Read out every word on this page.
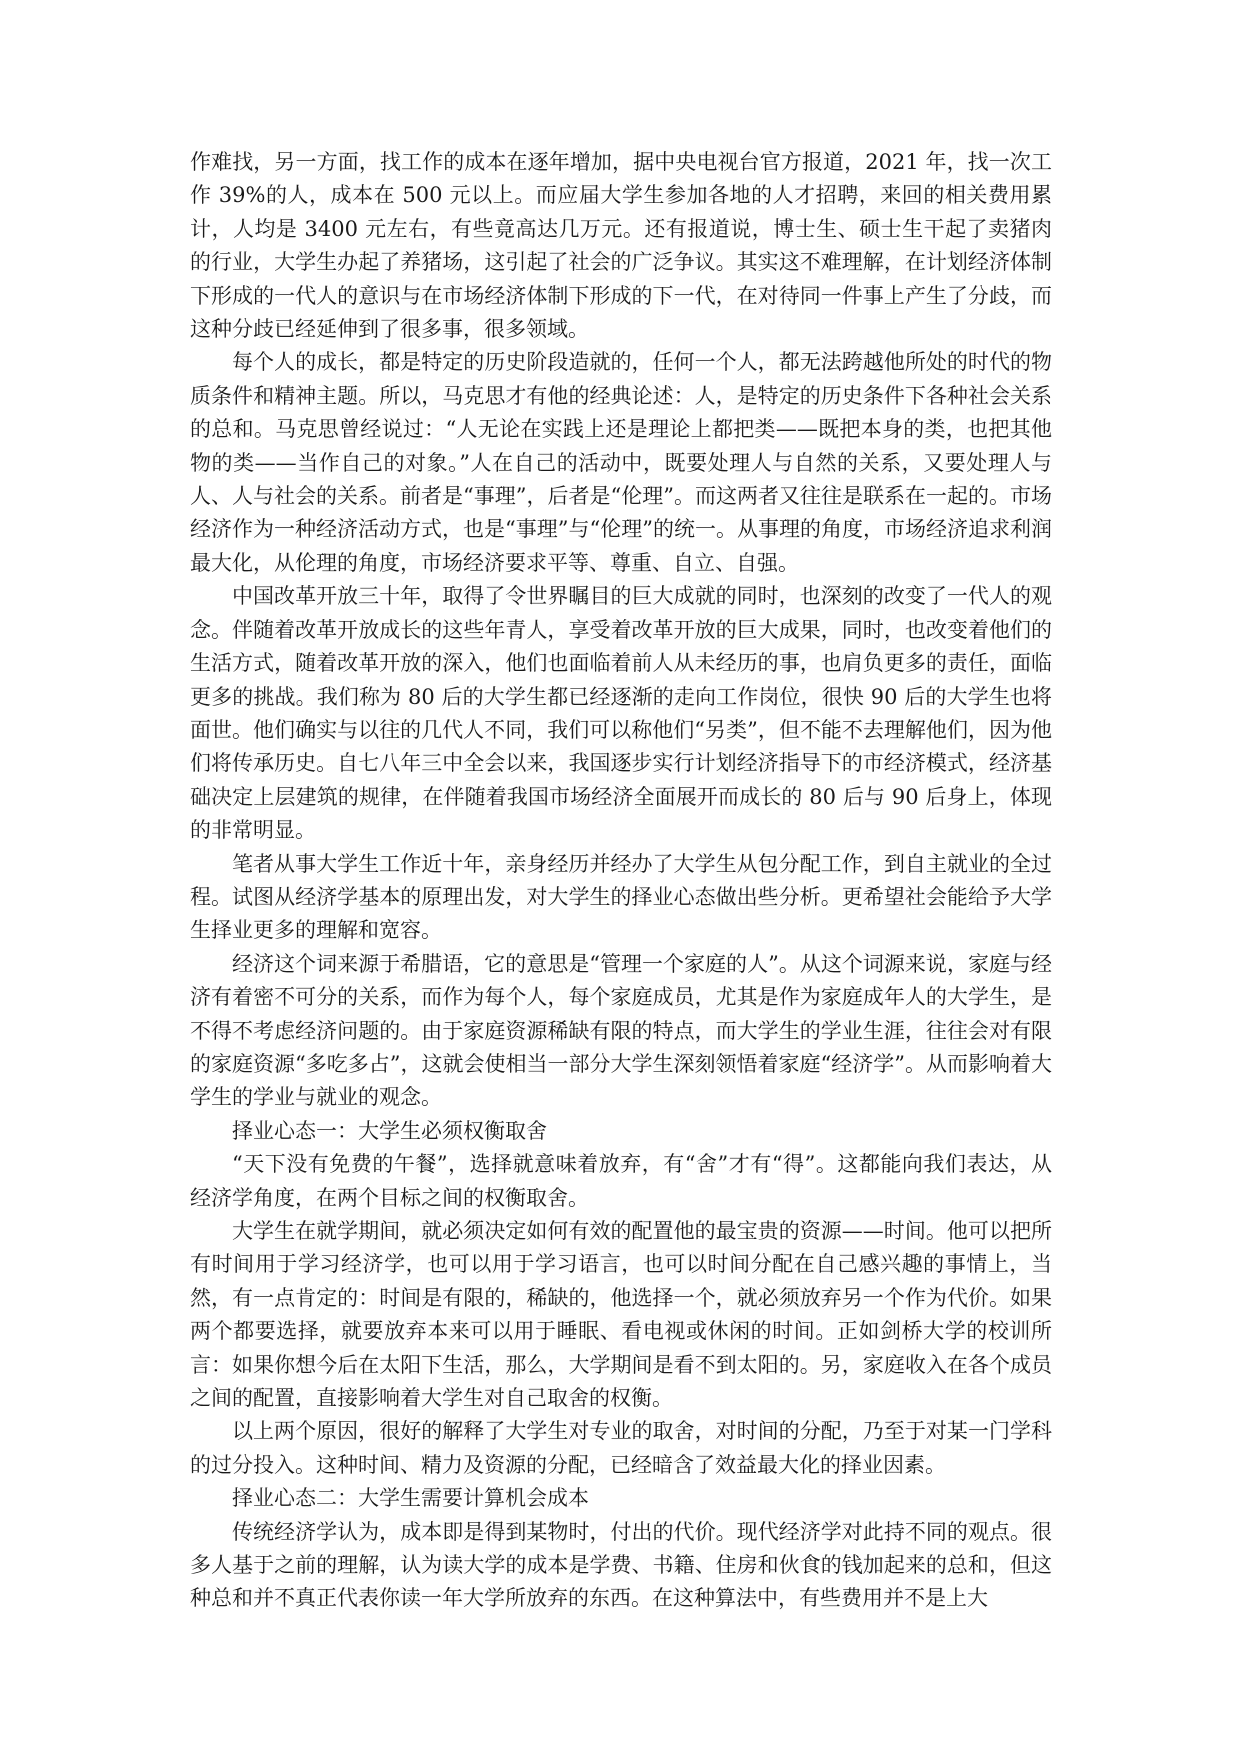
作难找，另一方面，找工作的成本在逐年增加，据中央电视台官方报道，2021 年，找一次工作 39%的人，成本在 500 元以上。而应届大学生参加各地的人才招聘，来回的相关费用累计，人均是 3400 元左右，有些竟高达几万元。还有报道说，博士生、硕士生干起了卖猪肉的行业，大学生办起了养猪场，这引起了社会的广泛争议。其实这不难理解，在计划经济体制下形成的一代人的意识与在市场经济体制下形成的下一代，在对待同一件事上产生了分歧，而这种分歧已经延伸到了很多事，很多领域。

每个人的成长，都是特定的历史阶段造就的，任何一个人，都无法跨越他所处的时代的物质条件和精神主题。所以，马克思才有他的经典论述：人，是特定的历史条件下各种社会关系的总和。马克思曾经说过：“人无论在实践上还是理论上都把类——既把本身的类，也把其他物的类——当作自己的对象。”人在自己的活动中，既要处理人与自然的关系，又要处理人与人、人与社会的关系。前者是“事理”，后者是“伦理”。而这两者又往往是联系在一起的。市场经济作为一种经济活动方式，也是“事理”与“伦理”的统一。从事理的角度，市场经济追求利润最大化，从伦理的角度，市场经济要求平等、尊重、自立、自强。

中国改革开放三十年，取得了令世界瞩目的巨大成就的同时，也深刻的改变了一代人的观念。伴随着改革开放成长的这些年青人，享受着改革开放的巨大成果，同时，也改变着他们的生活方式，随着改革开放的深入，他们也面临着前人从未经历的事，也肩负更多的责任，面临更多的挑战。我们称为 80 后的大学生都已经逐渐的走向工作岗位，很快 90 后的大学生也将面世。他们确实与以往的几代人不同，我们可以称他们“另类”，但不能不去理解他们，因为他们将传承历史。自七八年三中全会以来，我国逐步实行计划经济指导下的市经济模式，经济基础决定上层建筑的规律，在伴随着我国市场经济全面展开而成长的 80 后与 90 后身上，体现的非常明显。

笔者从事大学生工作近十年，亲身经历并经办了大学生从包分配工作，到自主就业的全过程。试图从经济学基本的原理出发，对大学生的择业心态做出些分析。更希望社会能给予大学生择业更多的理解和宽容。

经济这个词来源于希腊语，它的意思是“管理一个家庭的人”。从这个词源来说，家庭与经济有着密不可分的关系，而作为每个人，每个家庭成员，尤其是作为家庭成年人的大学生，是不得不考虑经济问题的。由于家庭资源稀缺有限的特点，而大学生的学业生涯，往往会对有限的家庭资源“多吃多占”，这就会使相当一部分大学生深刻领悟着家庭“经济学”。从而影响着大学生的学业与就业的观念。

择业心态一：大学生必须权衡取舍

“天下没有免费的午餐”，选择就意味着放弃，有“舍”才有“得”。这都能向我们表达，从经济学角度，在两个目标之间的权衡取舍。

大学生在就学期间，就必须决定如何有效的配置他的最宝贵的资源——时间。他可以把所有时间用于学习经济学，也可以用于学习语言，也可以时间分配在自己感兴趣的事情上，当然，有一点肯定的：时间是有限的，稀缺的，他选择一个，就必须放弃另一个作为代价。如果两个都要选择，就要放弃本来可以用于睡眠、看电视或休闲的时间。正如剑桥大学的校训所言：如果你想今后在太阳下生活，那么，大学期间是看不到太阳的。另，家庭收入在各个成员之间的配置，直接影响着大学生对自己取舍的权衡。

以上两个原因，很好的解释了大学生对专业的取舍，对时间的分配，乃至于对某一门学科的过分投入。这种时间、精力及资源的分配，已经暗含了效益最大化的择业因素。

择业心态二：大学生需要计算机会成本

传统经济学认为，成本即是得到某物时，付出的代价。现代经济学对此持不同的观点。很多人基于之前的理解，认为读大学的成本是学费、书籍、住房和伙食的钱加起来的总和，但这种总和并不真正代表你读一年大学所放弃的东西。在这种算法中，有些费用并不是上大
